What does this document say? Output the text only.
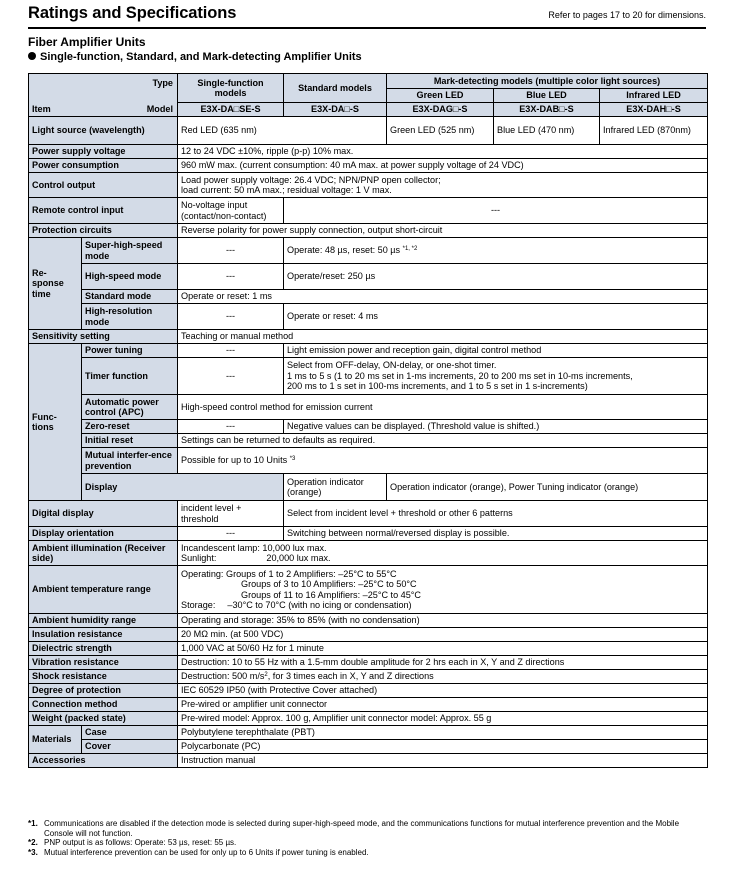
Ratings and Specifications	Refer to pages 17 to 20 for dimensions.
Fiber Amplifier Units
Single-function, Standard, and Mark-detecting Amplifier Units
Type
Model
Item		Single-function models	Standard models	Mark-detecting models (multiple color light sources)		
				Green LED	Blue LED	Infrared LED
		E3X-DA□SE-S	E3X-DA□-S	E3X-DAG□-S	E3X-DAB□-S	E3X-DAH□-S
Light source (wavelength)		Red LED (635 nm)		Green LED (525 nm)	Blue LED (470 nm)	Infrared LED (870nm)
Power supply voltage		12 to 24 VDC ±10%, ripple (p-p) 10% max.				
Power consumption		960 mW max. (current consumption: 40 mA max. at power supply voltage of 24 VDC)				
Control output		Load power supply voltage: 26.4 VDC; NPN/PNP open collector;
load current: 50 mA max.; residual voltage: 1 V max.				

Remote control input		No-voltage input (contact/non-contact)	---			
Protection circuits		Reverse polarity for power supply connection, output short-circuit				
Re-sponse time	Super-high-speed mode	---	Operate: 48 µs, reset: 50 µs $^{*1, *2}$
	High-speed mode	---	Operate/reset: 250 µs			
	Standard mode	Operate or reset: 1 ms				
	High-resolution mode	---	Operate or reset: 4 ms			
Sensitivity setting		Teaching or manual method				
Func-tions	Power tuning	---	Light emission power and reception gain, digital control method			
	Timer function	---	Select from OFF-delay, ON-delay, or one-shot timer.
1 ms to 5 s (1 to 20 ms set in 1-ms increments, 20 to 200 ms set in 10-ms increments,
200 ms to 1 s set in 100-ms increments, and 1 to 5 s set in 1 s-increments)			

	Automatic power control (APC)	High-speed control method for emission current				
	Zero-reset	---	Negative values can be displayed. (Threshold value is shifted.)			
	Initial reset	Settings can be returned to defaults as required.				
	Mutual interfer-ence prevention	Possible for up to 10 Units $^{*3}$
	Display		Operation indicator (orange)	Operation indicator (orange), Power Tuning indicator (orange)		
Digital display		incident level + threshold	Select from incident level + threshold or other 6 patterns			
Display orientation		---	Switching between normal/reversed display is possible.			
Ambient illumination (Receiver side)		Incandescent lamp: 10,000 lux max.
Sunlight: 20,000 lux max.				

Ambient temperature range		Operating: Groups of 1 to 2 Amplifiers: –25°C to 55°C
Groups of 3 to 10 Amplifiers: –25°C to 50°C
Groups of 11 to 16 Amplifiers: –25°C to 45°C
Storage: –30°C to 70°C (with no icing or condensation)				

Ambient humidity range		Operating and storage: 35% to 85% (with no condensation)				
Insulation resistance		20 MΩ min. (at 500 VDC)				
Dielectric strength		1,000 VAC at 50/60 Hz for 1 minute				
Vibration resistance		Destruction: 10 to 55 Hz with a 1.5-mm double amplitude for 2 hrs each in X, Y and Z directions				
Shock resistance		Destruction: 500 $m/s^2$, for 3 times each in X, Y and Z directions				
Degree of protection		IEC 60529 IP50 (with Protective Cover attached)				
Connection method		Pre-wired or amplifier unit connector				
Weight (packed state)		Pre-wired model: Approx. 100 g, Amplifier unit connector model: Approx. 55 g				
Materials	Case	Polybutylene terephthalate (PBT)				
	Cover	Polycarbonate (PC)				
Accessories		Instruction manual				
*1. Communications are disabled if the detection mode is selected during super-high-speed mode, and the communications functions for mutual interference prevention and the Mobile Console will not function.
*2. PNP output is as follows: Operate: 53 µs, reset: 55 µs.
*3. Mutual interference prevention can be used for only up to 6 Units if power tuning is enabled.
